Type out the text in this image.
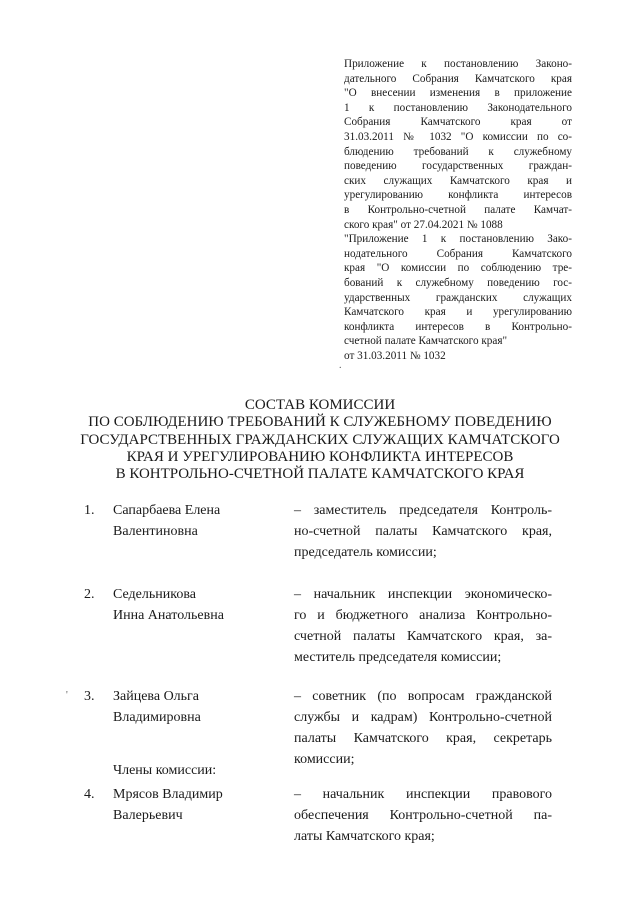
Приложение к постановлению Законо-
дательного Собрания Камчатского края
"О внесении изменения в приложение
1 к постановлению Законодательного
Собрания Камчатского края от
31.03.2011 № 1032 "О комиссии по со-
блюдению требований к служебному
поведению государственных граждан-
ских служащих Камчатского края и
урегулированию конфликта интересов
в Контрольно-счетной палате Камчат-
ского края" от 27.04.2021 № 1088
"Приложение 1 к постановлению Зако-
нодательного Собрания Камчатского
края "О комиссии по соблюдению тре-
бований к служебному поведению гос-
ударственных гражданских служащих
Камчатского края и урегулированию
конфликта интересов в Контрольно-
счетной палате Камчатского края"
от 31.03.2011 № 1032
.
СОСТАВ КОМИССИИ
ПО СОБЛЮДЕНИЮ ТРЕБОВАНИЙ К СЛУЖЕБНОМУ ПОВЕДЕНИЮ
ГОСУДАРСТВЕННЫХ ГРАЖДАНСКИХ СЛУЖАЩИХ КАМЧАТСКОГО
КРАЯ И УРЕГУЛИРОВАНИЮ КОНФЛИКТА ИНТЕРЕСОВ
В КОНТРОЛЬНО-СЧЕТНОЙ ПАЛАТЕ КАМЧАТСКОГО КРАЯ
1. Сапарбаева Елена
Валентиновна
– заместитель председателя Контроль-
но-счетной палаты Камчатского края,
председатель комиссии;
2. Седельникова
Инна Анатольевна
– начальник инспекции экономическо-
го и бюджетного анализа Контрольно-
счетной палаты Камчатского края, за-
меститель председателя комиссии;
' 3. Зайцева Ольга
Владимировна
– советник (по вопросам гражданской
службы и кадрам) Контрольно-счетной
палаты Камчатского края, секретарь
комиссии;
Члены комиссии:
4. Мрясов Владимир
Валерьевич
– начальник инспекции правового
обеспечения Контрольно-счетной па-
латы Камчатского края;
